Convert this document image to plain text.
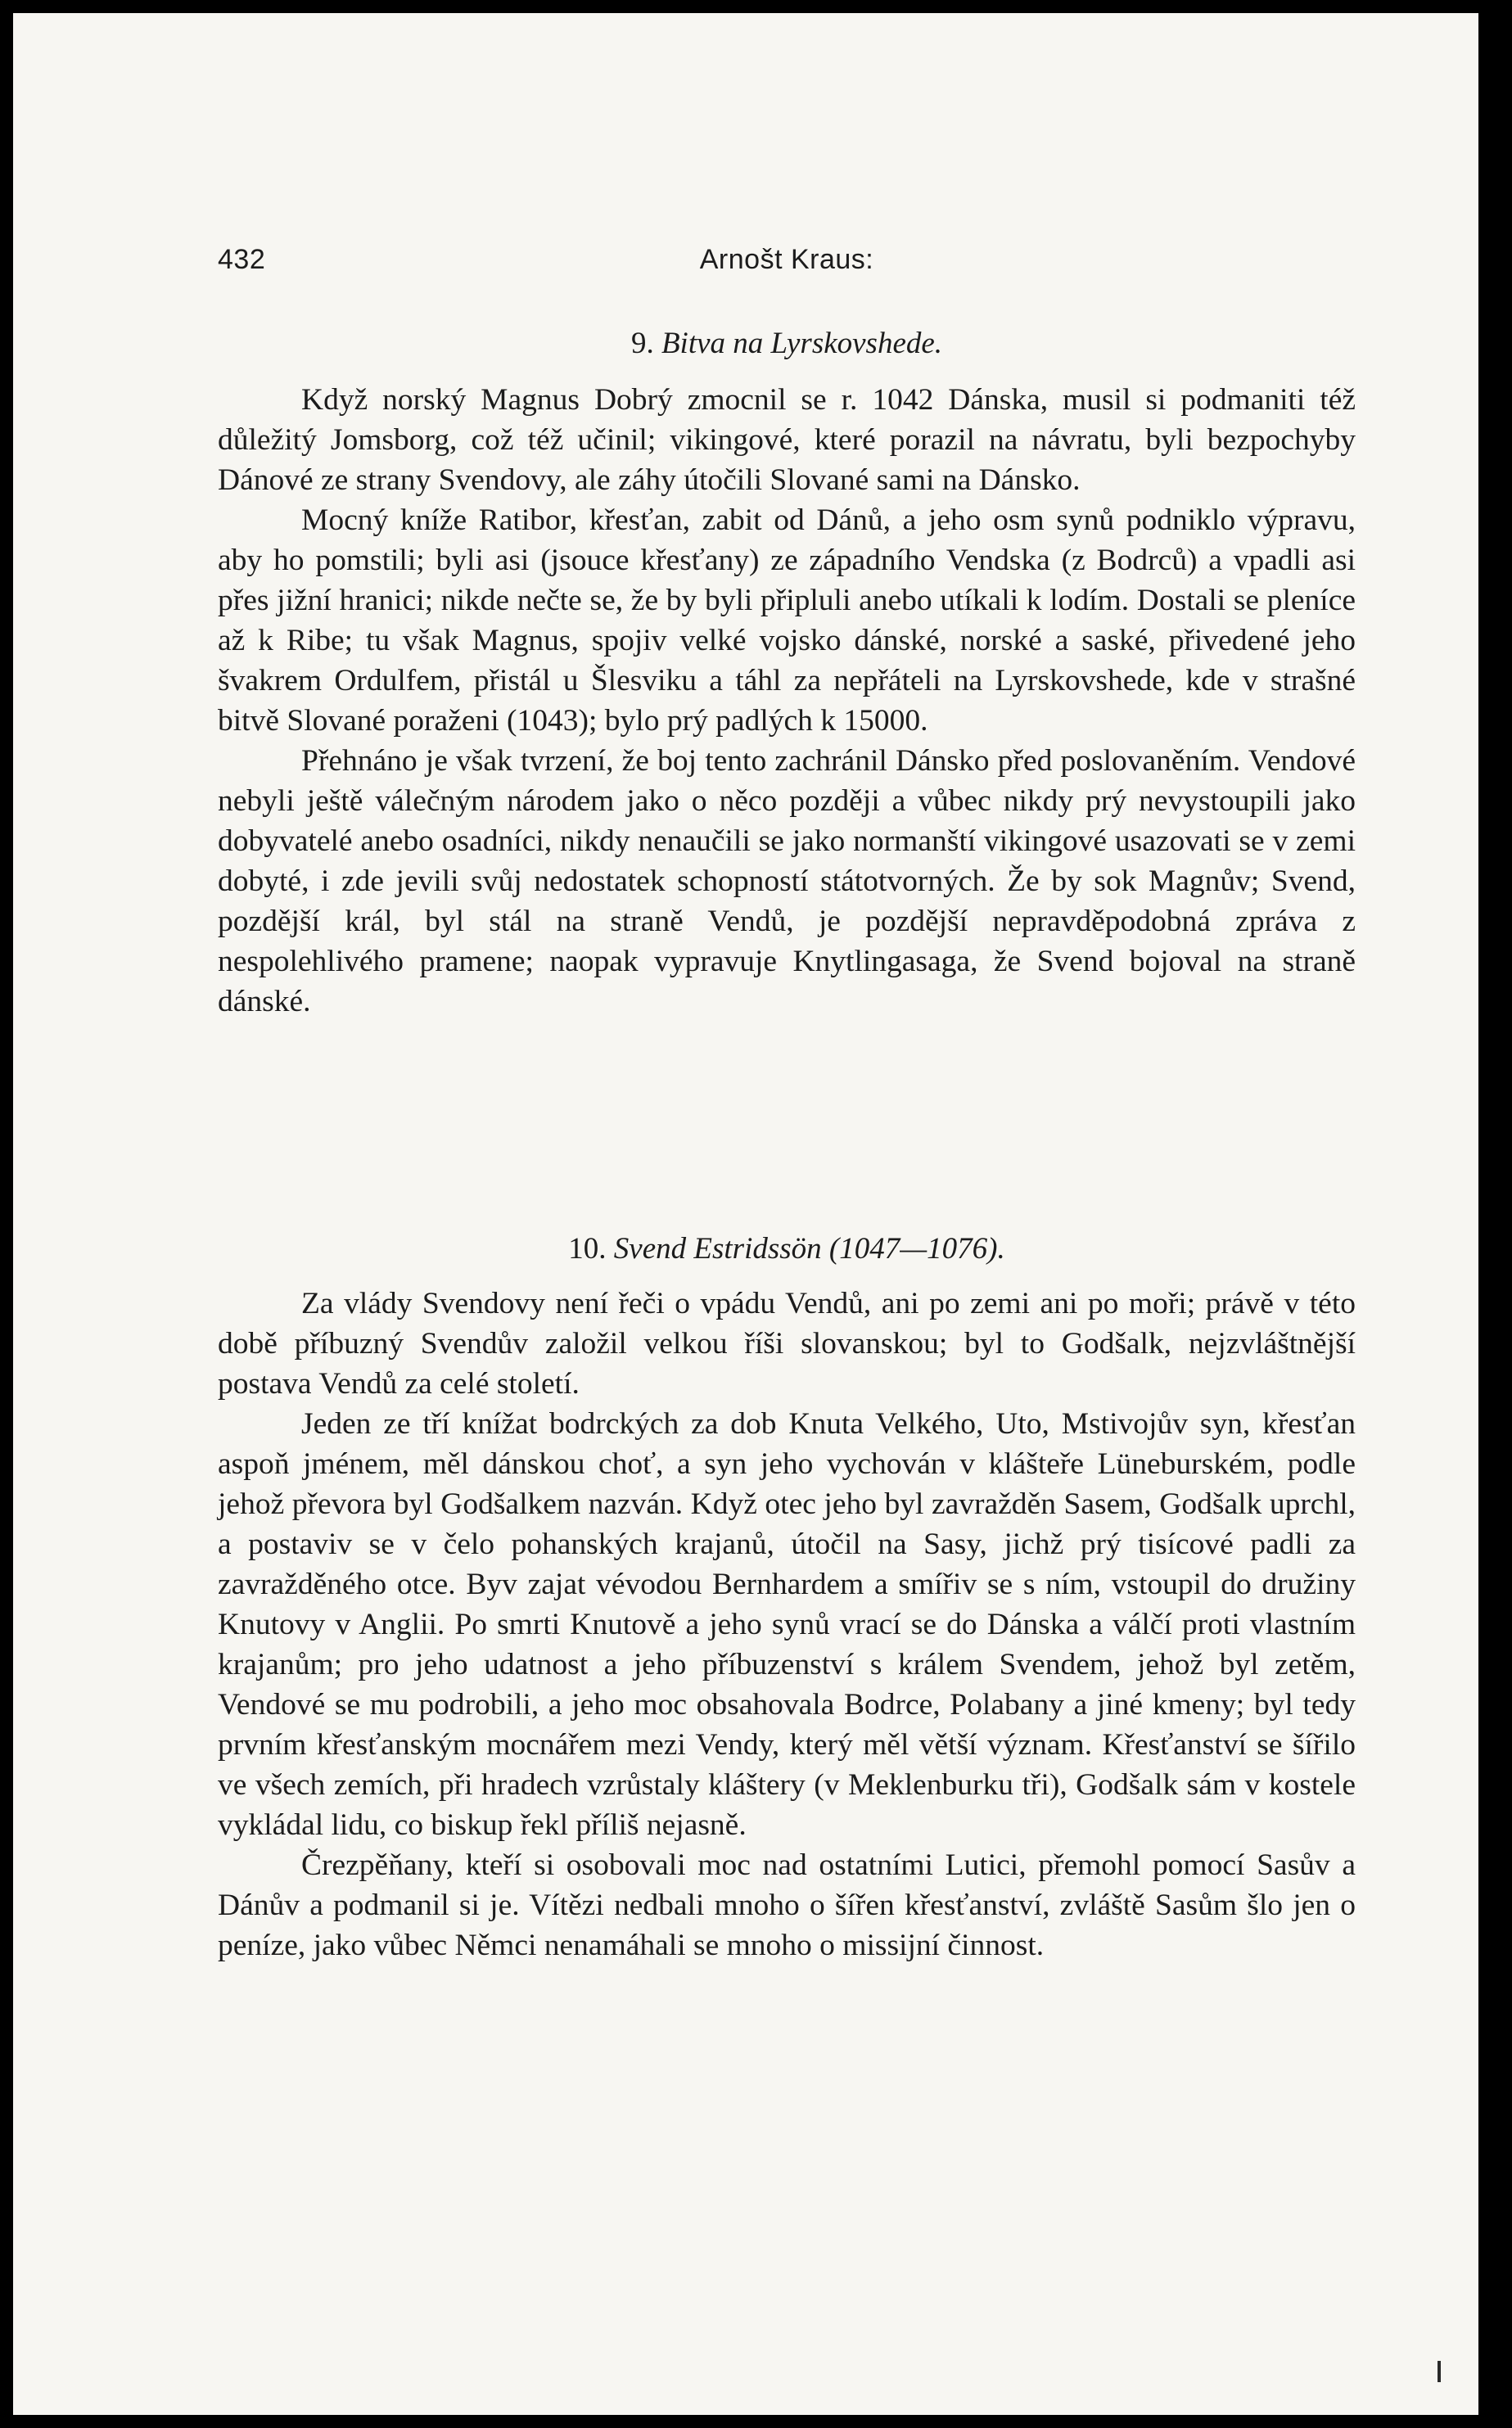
432	Arnošt Kraus:
9. Bitva na Lyrskovshede.

Když norský Magnus Dobrý zmocnil se r. 1042 Dánska, musil si podmaniti též důležitý Jomsborg, což též učinil; vikingové, které porazil na návratu, byli bezpochyby Dánové ze strany Svendovy, ale záhy útočili Slované sami na Dánsko.

Mocný kníže Ratibor, křesťan, zabit od Dánů, a jeho osm synů podniklo výpravu, aby ho pomstili; byli asi (jsouce křesťany) ze západního Vendska (z Bodrců) a vpadli asi přes jižní hranici; nikde nečte se, že by byli připluli anebo utíkali k lodím. Dostali se pleníce až k Ribe; tu však Magnus, spojiv velké vojsko dánské, norské a saské, přivedené jeho švakrem Ordulfem, přistál u Šlesviku a táhl za nepřáteli na Lyrskovshede, kde v strašné bitvě Slované poraženi (1043); bylo prý padlých k 15000.

Přehnáno je však tvrzení, že boj tento zachránil Dánsko před poslovaněním. Vendové nebyli ještě válečným národem jako o něco později a vůbec nikdy prý nevystoupili jako dobyvatelé anebo osadníci, nikdy nenaučili se jako normanští vikingové usazovati se v zemi dobyté, i zde jevili svůj nedostatek schopností státotvorných. Že by sok Magnův; Svend, pozdější král, byl stál na straně Vendů, je pozdější nepravděpodobná zpráva z nespolehlivého pramene; naopak vypravuje Knytlingasaga, že Svend bojoval na straně dánské.

10. Svend Estridssön (1047—1076).

Za vlády Svendovy není řeči o vpádu Vendů, ani po zemi ani po moři; právě v této době příbuzný Svendův založil velkou říši slovanskou; byl to Godšalk, nejzvláštnější postava Vendů za celé století.

Jeden ze tří knížat bodrckých za dob Knuta Velkého, Uto, Mstivojův syn, křesťan aspoň jménem, měl dánskou choť, a syn jeho vychován v klášteře Lüneburském, podle jehož převora byl Godšalkem nazván. Když otec jeho byl zavražděn Sasem, Godšalk uprchl, a postaviv se v čelo pohanských krajanů, útočil na Sasy, jichž prý tisícové padli za zavražděného otce. Byv zajat vévodou Bernhardem a smířiv se s ním, vstoupil do družiny Knutovy v Anglii. Po smrti Knutově a jeho synů vrací se do Dánska a válčí proti vlastním krajanům; pro jeho udatnost a jeho příbuzenství s králem Svendem, jehož byl zetěm, Vendové se mu podrobili, a jeho moc obsahovala Bodrce, Polabany a jiné kmeny; byl tedy prvním křesťanským mocnářem mezi Vendy, který měl větší význam. Křesťanství se šířilo ve všech zemích, při hradech vzrůstaly kláštery (v Meklenburku tři), Godšalk sám v kostele vykládal lidu, co biskup řekl příliš nejasně.

Črezpěňany, kteří si osobovali moc nad ostatními Lutici, přemohl pomocí Sasův a Dánův a podmanil si je. Vítězi nedbali mnoho o šířen křesťanství, zvláště Sasům šlo jen o peníze, jako vůbec Němci nenamáhali se mnoho o missijní činnost.
